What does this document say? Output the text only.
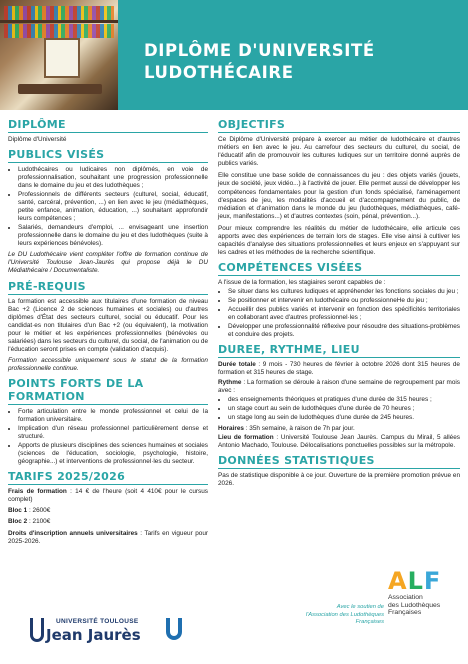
DIPLÔME D'UNIVERSITÉ
LUDOTHÉCAIRE
DIPLÔME

Diplôme d'Université

PUBLICS VISÉS
• Ludothécaires ou ludicaires non diplômés, en voie de professionnalisation, souhaitant une progression professionnelle dans le domaine du jeu et des ludothèques ;
• Professionnels de différents secteurs (culturel, social, éducatif, santé, carcéral, prévention, ...) en lien avec le jeu (médiathèques, petite enfance, animation, éducation, ...) souhaitant approfondir leurs compétences ;
• Salariés, demandeurs d'emploi, ... envisageant une insertion professionnelle dans le domaine du jeu et des ludothèques (suite à leurs expériences bénévoles).

Le DU Ludothécaire vient compléter l'offre de formation continue de l'Université Toulouse Jean-Jaurès qui propose déjà le DU Médiathécaire / Documentaliste.

PRÉ-REQUIS

La formation est accessible aux titulaires d'une formation de niveau Bac +2 (Licence 2 de sciences humaines et sociales) ou d'autres diplômes d'État des secteurs culturel, social ou éducatif. Pour les candidat·es non titulaires d'un Bac +2 (ou équivalent), la motivation pour le métier et les expériences professionnelles (bénévoles ou salariées) dans les secteurs du culturel, du social, de l'animation ou de l'éducation seront prises en compte (validation d'acquis).

Formation accessible uniquement sous le statut de la formation professionnelle continue.

POINTS FORTS DE LA FORMATION
• Forte articulation entre le monde professionnel et celui de la formation universitaire.
• Implication d'un réseau professionnel particulièrement dense et structuré.
• Apports de plusieurs disciplines des sciences humaines et sociales (sciences de l'éducation, sociologie, psychologie, histoire, géographie...) et interventions de professionnel·les du secteur.
TARIFS 2025/2026

Frais de formation : 14 € de l'heure (soit 4 410€ pour le cursus complet)

Bloc 1 : 2600€

Bloc 2 : 2100€

Droits d'inscription annuels universitaires : Tarifs en vigueur pour 2025-2026.

OBJECTIFS

Ce Diplôme d'Université prépare à exercer au métier de ludothécaire et d'autres métiers en lien avec le jeu. Au carrefour des secteurs du culturel, du social, de l'éducatif afin de promouvoir les cultures ludiques sur un territoire donné auprès de publics variés.

Elle constitue une base solide de connaissances du jeu : des objets variés (jouets, jeux de société, jeux vidéo...) à l'activité de jouer. Elle permet aussi de développer les compétences fondamentales pour la gestion d'un fonds spécialisé, l'aménagement d'espaces de jeu, les modalités d'accueil et d'accompagnement du public, de médiation et d'animation dans le monde du jeu (ludothèques, médiathèques, café-jeux, manifestations...) et d'autres contextes (soin, pénal, prévention...).

Pour mieux comprendre les réalités du métier de ludothécaire, elle articule ces apports avec des expériences de terrain lors de stages. Elle vise ainsi à cultiver les capacités d'analyse des situations professionnelles et leurs enjeux en s'appuyant sur les cadres et les méthodes de la recherche scientifique.

COMPÉTENCES VISÉES

A l'issue de la formation, les stagiaires seront capables de :

• Se situer dans les cultures ludiques et appréhender les fonctions sociales du jeu ;
• Se positionner et intervenir en ludothécaire ou professionneHe du jeu ;
• Accueillir des publics variés et intervenir en fonction des spécificités territoriales en collaborant avec d'autres professionnel·les ;
• Développer une professionnalité réflexive pour résoudre des situations-problèmes et conduire des projets.
DUREE, RYTHME, LIEU

Durée totale : 9 mois - 730 heures de février à octobre 2026 dont 315 heures de formation et 315 heures de stage.

Rythme : La formation se déroule à raison d'une semaine de regroupement par mois avec :

• des enseignements théoriques et pratiques d'une durée de 315 heures ;
• un stage court au sein de ludothèques d'une durée de 70 heures ;
• un stage long au sein de ludothèques d'une durée de 245 heures.

Horaires : 35h semaine, à raison de 7h par jour.

Lieu de formation : Université Toulouse Jean Jaurès. Campus du Mirail, 5 allées Antonio Machado, Toulouse. Délocalisations ponctuelles possibles sur la métropole.

DONNÉES STATISTIQUES

Pas de statistique disponible à ce jour. Ouverture de la première promotion prévue en 2026.

Avec le soutien de
l'Association des Ludothèques Françaises
ALF
Association
des Ludothèques
Françaises
UNIVERSITÉ TOULOUSE
Jean Jaurès
